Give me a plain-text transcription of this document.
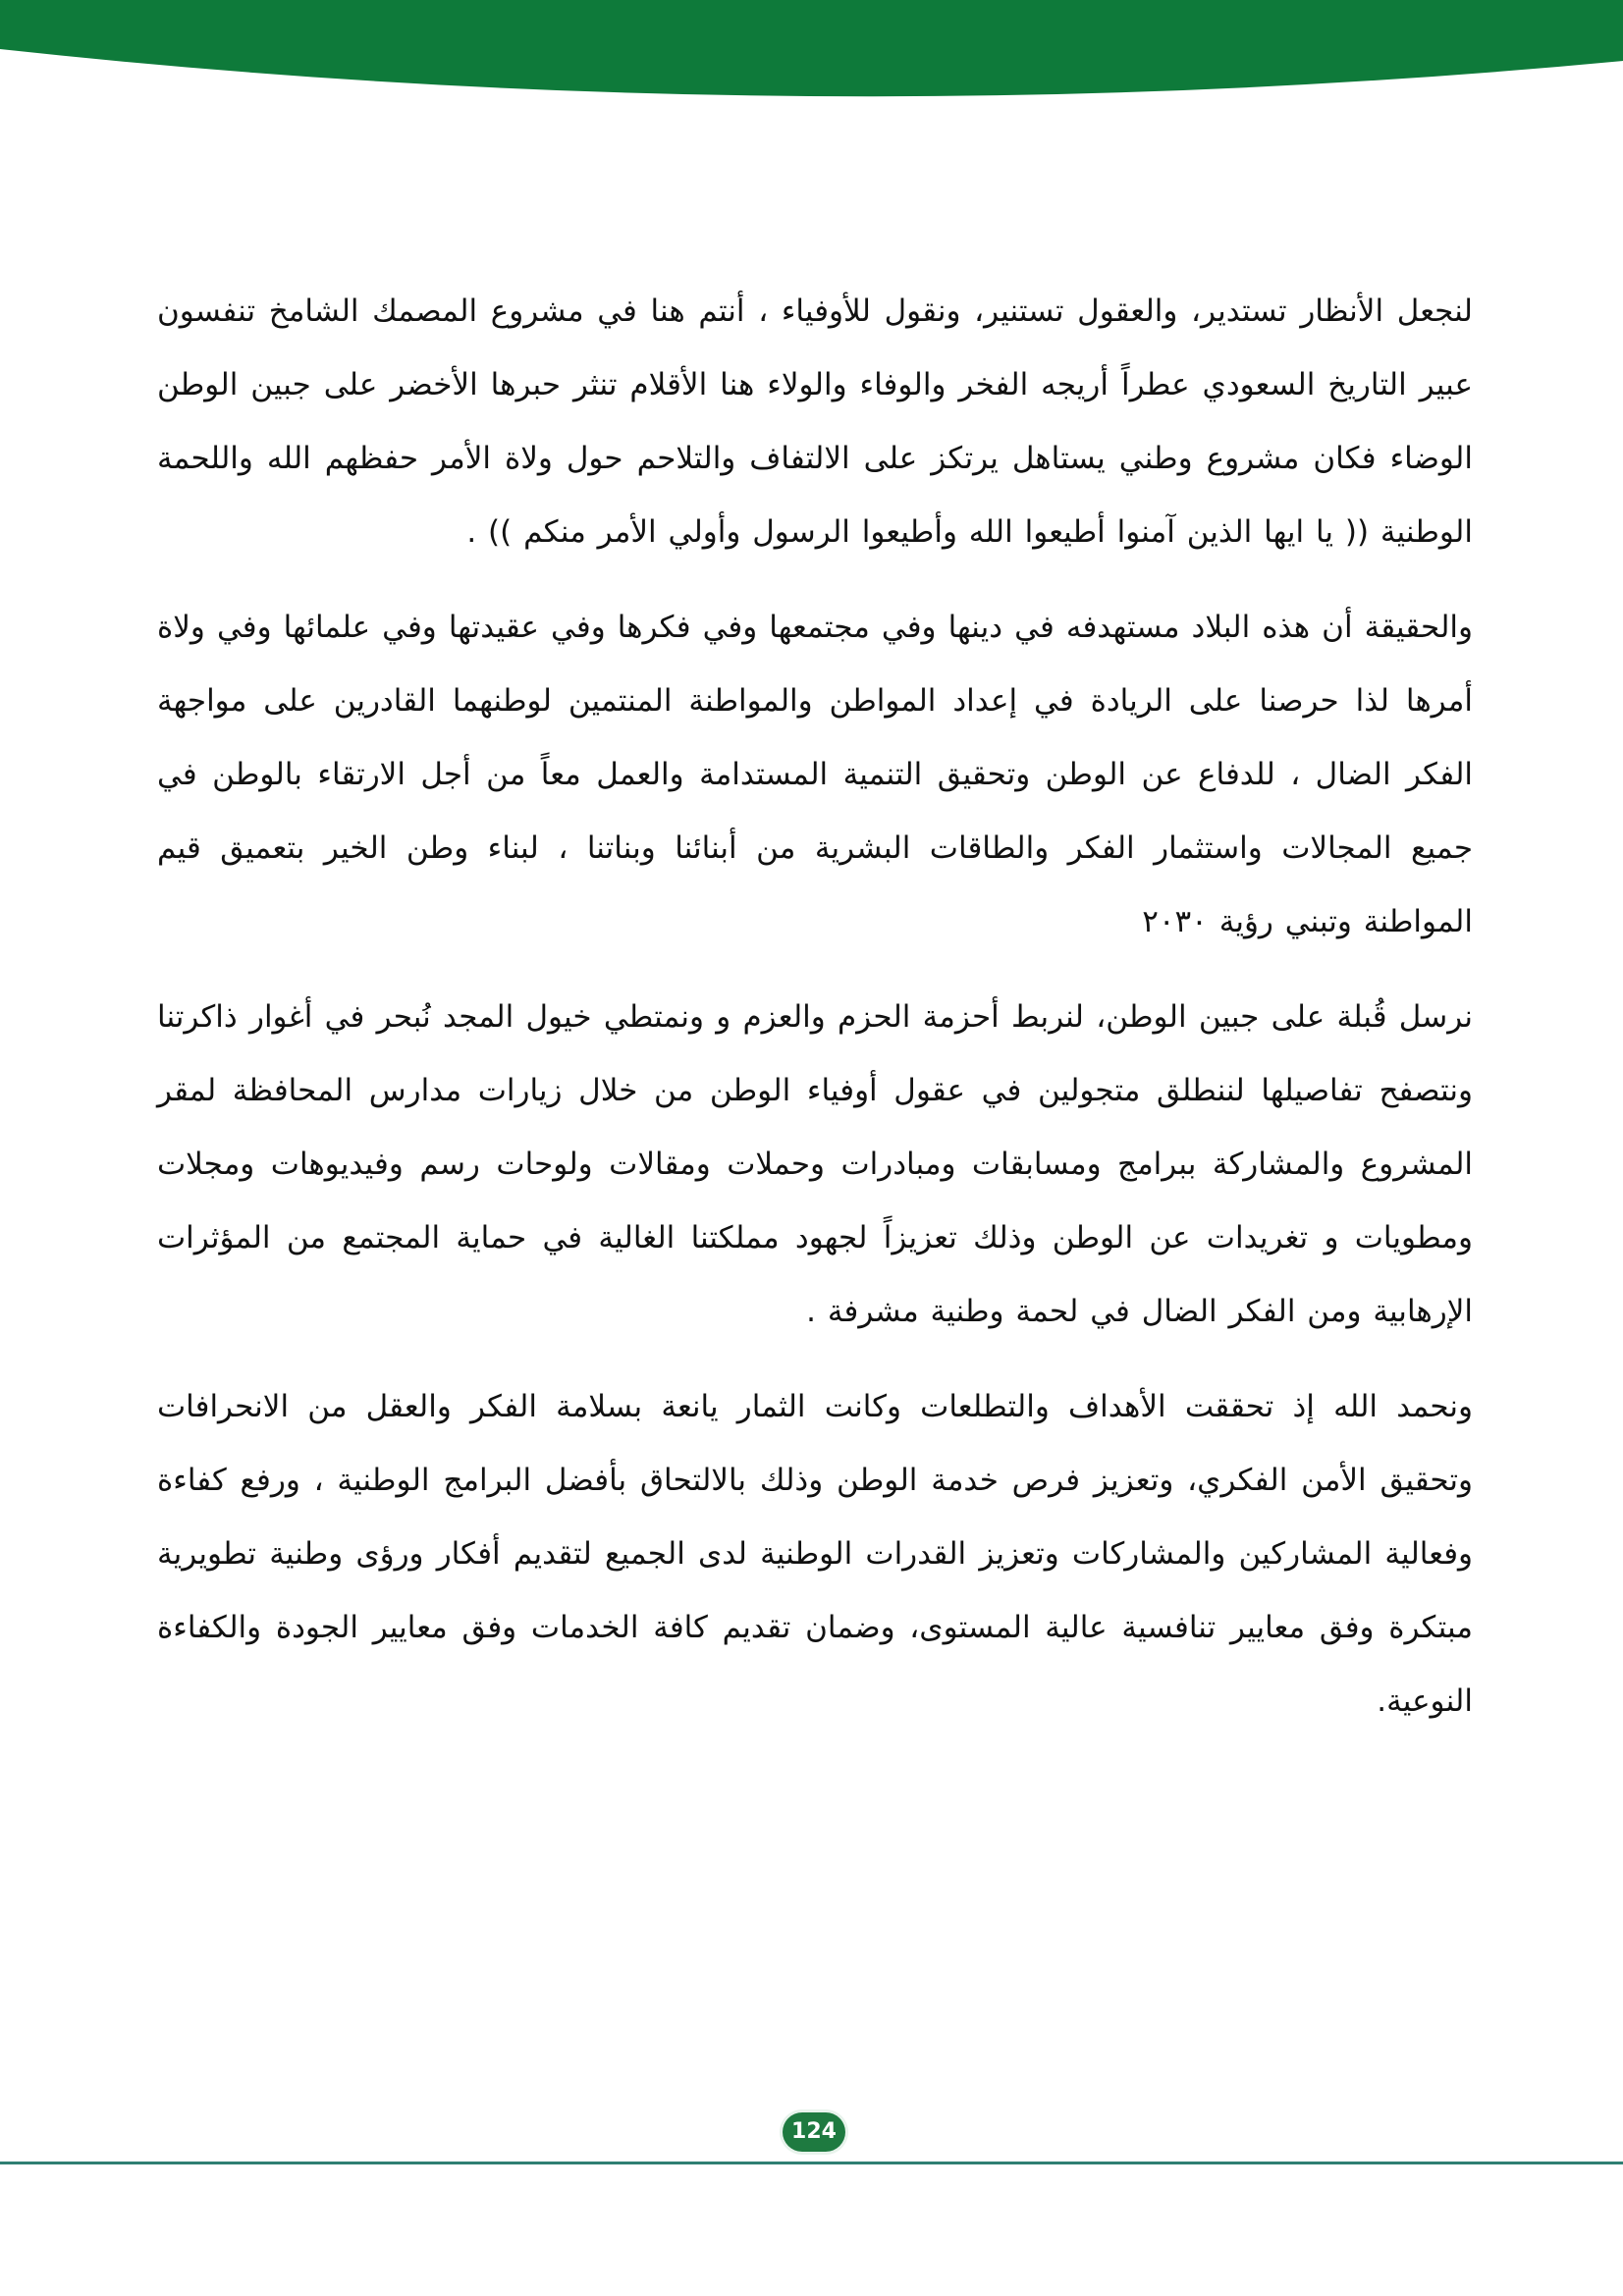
لنجعل الأنظار تستدير، والعقول تستنير، ونقول للأوفياء ، أنتم هنا في مشروع المصمك الشامخ تنفسون عبير التاريخ السعودي عطراً أريجه الفخر والوفاء والولاء هنا الأقلام تنثر حبرها الأخضر على جبين الوطن الوضاء فكان مشروع وطني يستاهل يرتكز على الالتفاف والتلاحم حول ولاة الأمر حفظهم الله واللحمة الوطنية (( يا ايها الذين آمنوا أطيعوا الله وأطيعوا الرسول وأولي الأمر منكم )) .

والحقيقة أن هذه البلاد مستهدفه في دينها وفي مجتمعها وفي فكرها وفي عقيدتها وفي علمائها وفي ولاة أمرها لذا حرصنا على الريادة في إعداد المواطن والمواطنة المنتمين لوطنهما القادرين على مواجهة الفكر الضال ، للدفاع عن الوطن وتحقيق التنمية المستدامة والعمل معاً من أجل الارتقاء بالوطن في جميع المجالات واستثمار الفكر والطاقات البشرية من أبنائنا وبناتنا ، لبناء وطن الخير بتعميق قيم المواطنة وتبني رؤية ٢٠٣٠

نرسل قُبلة على جبين الوطن، لنربط أحزمة الحزم والعزم و ونمتطي خيول المجد نُبحر في أغوار ذاكرتنا ونتصفح تفاصيلها لننطلق متجولين في عقول أوفياء الوطن من خلال زيارات مدارس المحافظة لمقر المشروع والمشاركة ببرامج ومسابقات ومبادرات وحملات ومقالات ولوحات رسم وفيديوهات ومجلات ومطويات و تغريدات عن الوطن وذلك تعزيزاً لجهود مملكتنا الغالية في حماية المجتمع من المؤثرات الإرهابية ومن الفكر الضال في لحمة وطنية مشرفة .

ونحمد الله إذ تحققت الأهداف والتطلعات وكانت الثمار يانعة بسلامة الفكر والعقل من الانحرافات وتحقيق الأمن الفكري، وتعزيز فرص خدمة الوطن وذلك بالالتحاق بأفضل البرامج الوطنية ، ورفع كفاءة وفعالية المشاركين والمشاركات وتعزيز القدرات الوطنية لدى الجميع لتقديم أفكار ورؤى وطنية تطويرية مبتكرة وفق معايير تنافسية عالية المستوى، وضمان تقديم كافة الخدمات وفق معايير الجودة والكفاءة النوعية.

124
